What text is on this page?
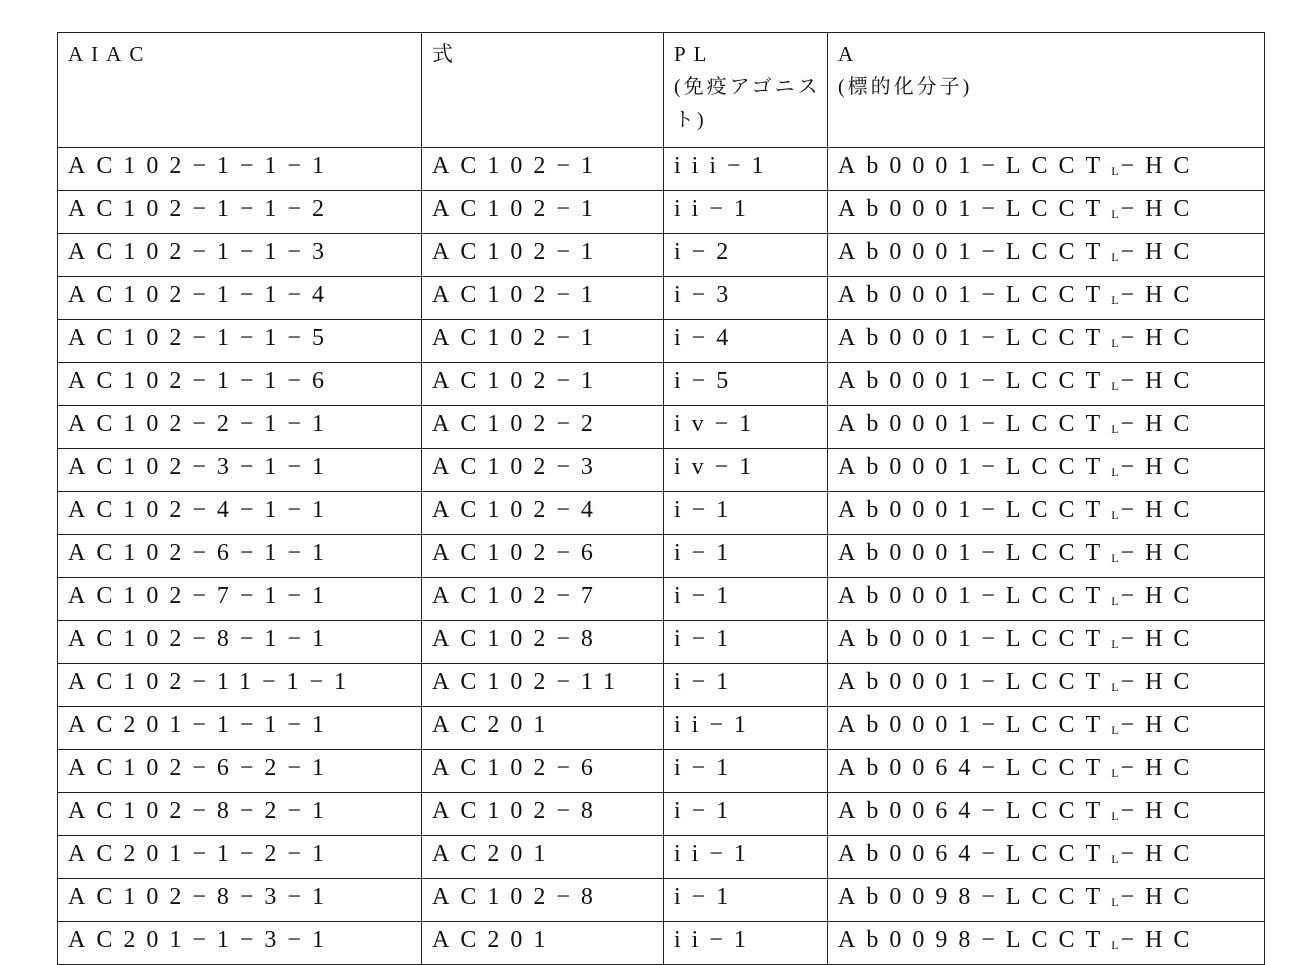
AIAC	式	PL
(免疫アゴニスト)
	A
(標的化分子)

AC102−1−1−1	AC102−1	iii−1	Ab0001−LCCTL−HC
AC102−1−1−2	AC102−1	ii−1	Ab0001−LCCTL−HC
AC102−1−1−3	AC102−1	i−2	Ab0001−LCCTL−HC
AC102−1−1−4	AC102−1	i−3	Ab0001−LCCTL−HC
AC102−1−1−5	AC102−1	i−4	Ab0001−LCCTL−HC
AC102−1−1−6	AC102−1	i−5	Ab0001−LCCTL−HC
AC102−2−1−1	AC102−2	iv−1	Ab0001−LCCTL−HC
AC102−3−1−1	AC102−3	iv−1	Ab0001−LCCTL−HC
AC102−4−1−1	AC102−4	i−1	Ab0001−LCCTL−HC
AC102−6−1−1	AC102−6	i−1	Ab0001−LCCTL−HC
AC102−7−1−1	AC102−7	i−1	Ab0001−LCCTL−HC
AC102−8−1−1	AC102−8	i−1	Ab0001−LCCTL−HC
AC102−11−1−1	AC102−11	i−1	Ab0001−LCCTL−HC
AC201−1−1−1	AC201	ii−1	Ab0001−LCCTL−HC
AC102−6−2−1	AC102−6	i−1	Ab0064−LCCTL−HC
AC102−8−2−1	AC102−8	i−1	Ab0064−LCCTL−HC
AC201−1−2−1	AC201	ii−1	Ab0064−LCCTL−HC
AC102−8−3−1	AC102−8	i−1	Ab0098−LCCTL−HC
AC201−1−3−1	AC201	ii−1	Ab0098−LCCTL−HC
